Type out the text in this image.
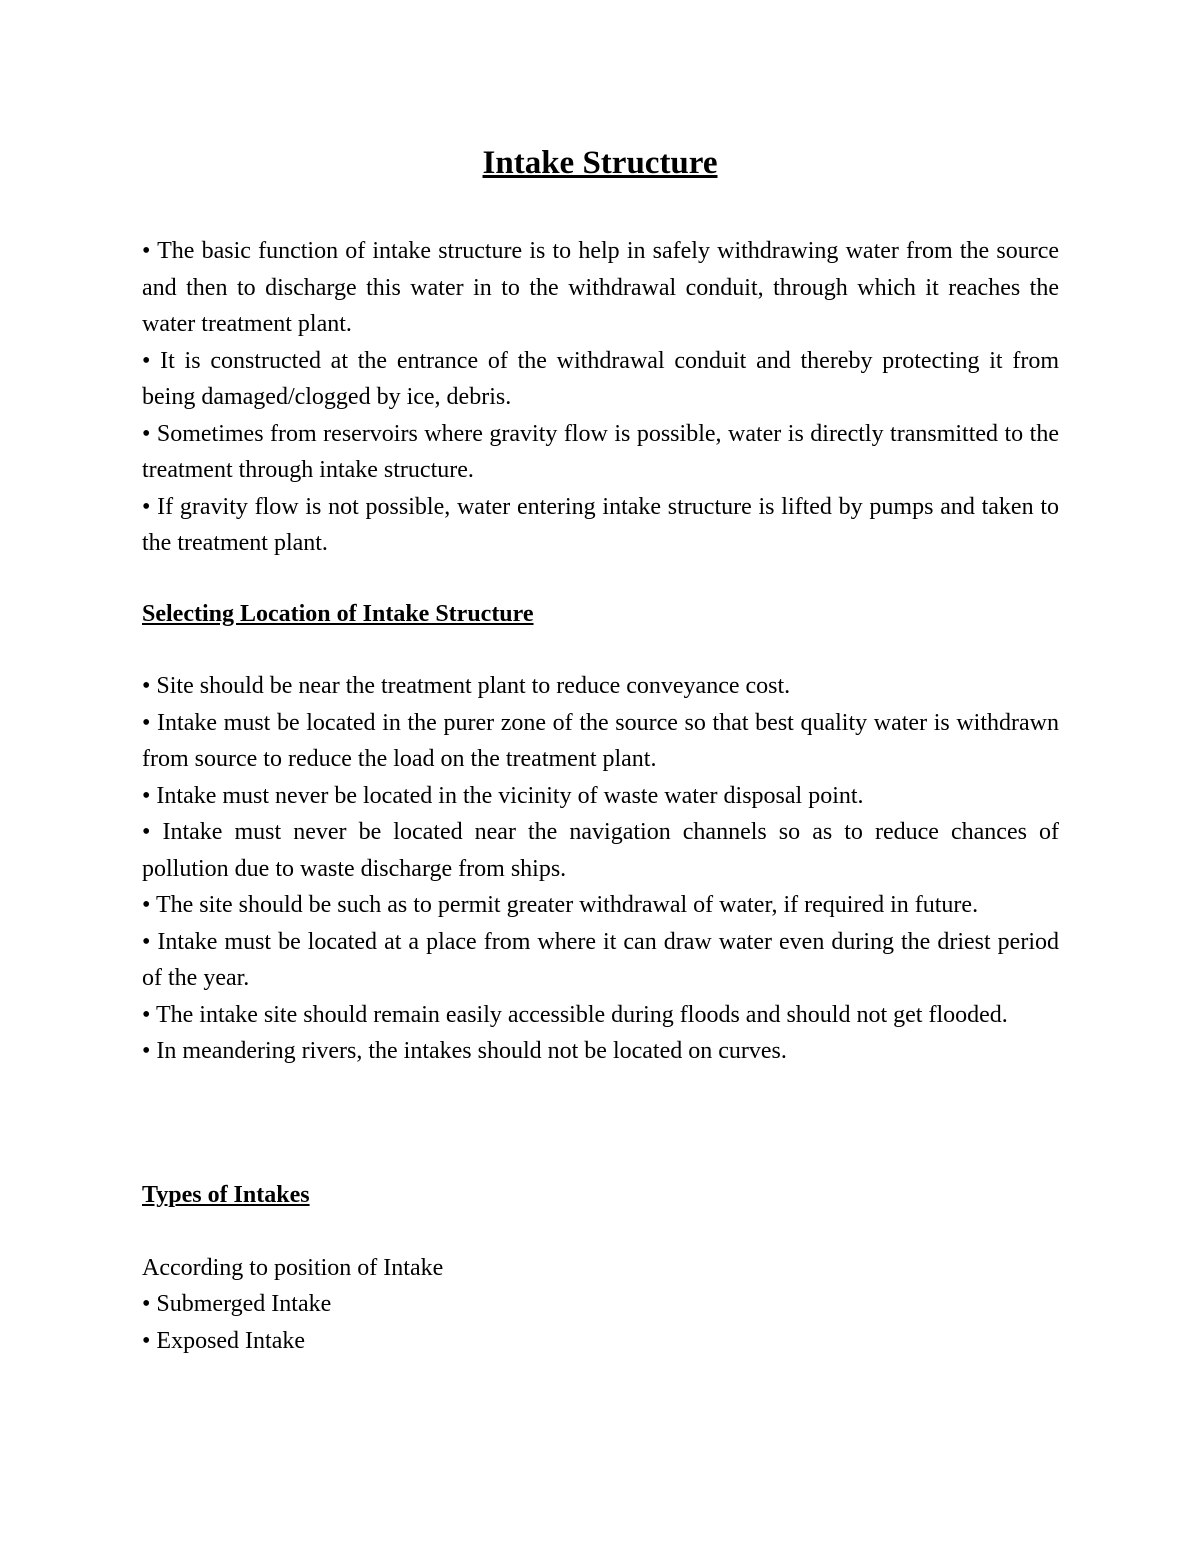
Intake Structure
• The basic function of intake structure is to help in safely withdrawing water from the source and then to discharge this water in to the withdrawal conduit, through which it reaches the water treatment plant.
• It is constructed at the entrance of the withdrawal conduit and thereby protecting it from being damaged/clogged by ice, debris.
• Sometimes from reservoirs where gravity flow is possible, water is directly transmitted to the treatment through intake structure.
• If gravity flow is not possible, water entering intake structure is lifted by pumps and taken to the treatment plant.
Selecting Location of Intake Structure
• Site should be near the treatment plant to reduce conveyance cost.
• Intake must be located in the purer zone of the source so that best quality water is withdrawn from source to reduce the load on the treatment plant.
• Intake must never be located in the vicinity of waste water disposal point.
• Intake must never be located near the navigation channels so as to reduce chances of pollution due to waste discharge from ships.
• The site should be such as to permit greater withdrawal of water, if required in future.
• Intake must be located at a place from where it can draw water even during the driest period of the year.
• The intake site should remain easily accessible during floods and should not get flooded.
• In meandering rivers, the intakes should not be located on curves.
Types of Intakes

According to position of Intake

• Submerged Intake
• Exposed Intake
